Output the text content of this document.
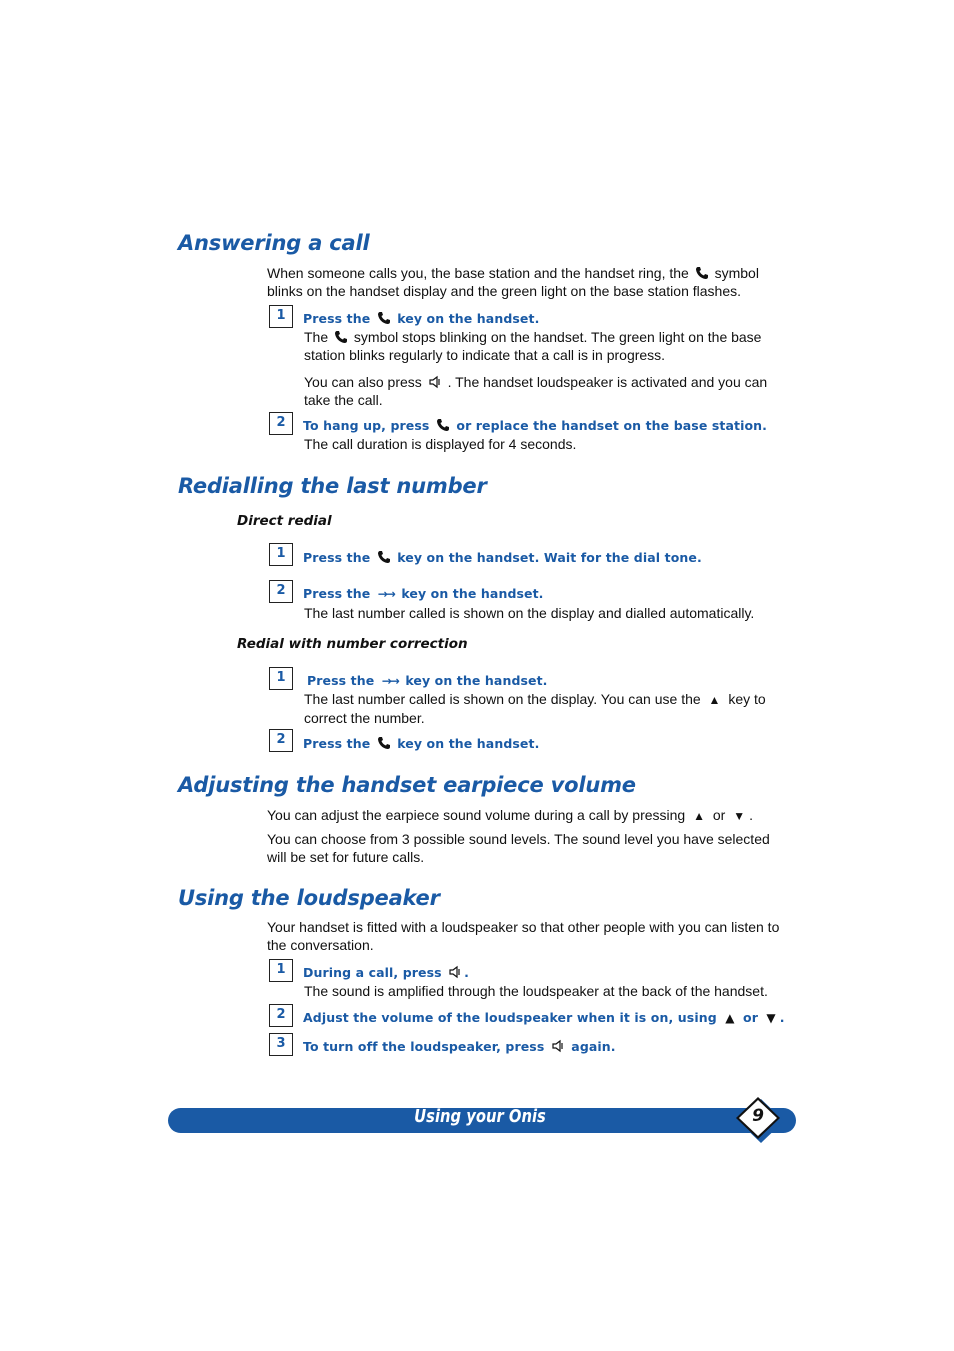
Answering a call
When someone calls you, the base station and the handset ring, the symbol blinks on the handset display and the green light on the base station flashes.
1	Press the key on the handset.
The symbol stops blinking on the handset. The green light on the base station blinks regularly to indicate that a call is in progress.
You can also press . The handset loudspeaker is activated and you can take the call.
2	To hang up, press or replace the handset on the base station.
The call duration is displayed for 4 seconds.
Redialling the last number
Direct redial
1	Press the key on the handset. Wait for the dial tone.
2	Press the →→ key on the handset.
The last number called is shown on the display and dialled automatically.
Redial with number correction
1	Press the →→ key on the handset.
The last number called is shown on the display. You can use the ▲ key to correct the number.
2	Press the key on the handset.
Adjusting the handset earpiece volume
You can adjust the earpiece sound volume during a call by pressing ▲ or ▼ .
You can choose from 3 possible sound levels. The sound level you have selected will be set for future calls.
Using the loudspeaker
Your handset is fitted with a loudspeaker so that other people with you can listen to the conversation.
1	During a call, press .
The sound is amplified through the loudspeaker at the back of the handset.
2	Adjust the volume of the loudspeaker when it is on, using ▲ or ▼ .
3	To turn off the loudspeaker, press again.
Using your Onis	9
